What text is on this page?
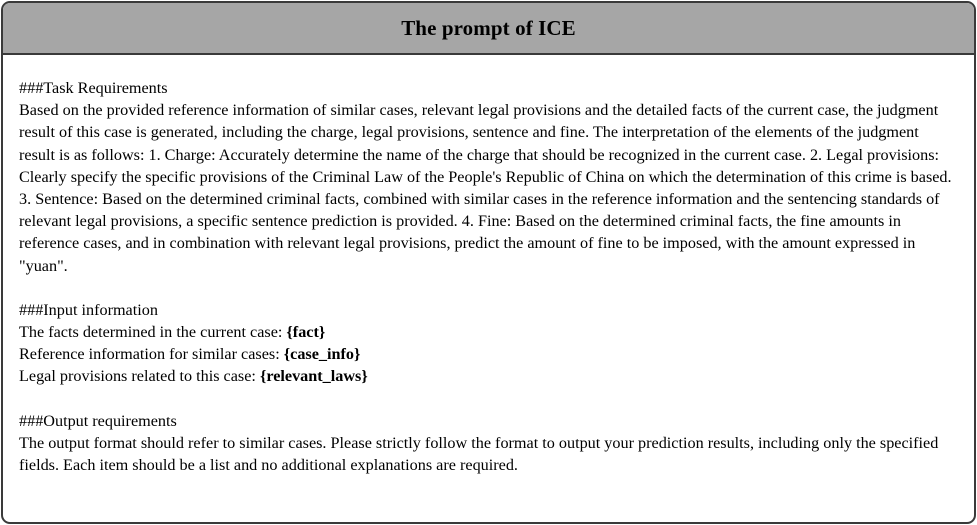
The prompt of ICE

###Task Requirements

Based on the provided reference information of similar cases, relevant legal provisions and the detailed facts of the current case, the judgment result of this case is generated, including the charge, legal provisions, sentence and fine. The interpretation of the elements of the judgment result is as follows: 1. Charge: Accurately determine the name of the charge that should be recognized in the current case. 2. Legal provisions: Clearly specify the specific provisions of the Criminal Law of the People's Republic of China on which the determination of this crime is based. 3. Sentence: Based on the determined criminal facts, combined with similar cases in the reference information and the sentencing standards of relevant legal provisions, a specific sentence prediction is provided. 4. Fine: Based on the determined criminal facts, the fine amounts in reference cases, and in combination with relevant legal provisions, predict the amount of fine to be imposed, with the amount expressed in "yuan".

###Input information

The facts determined in the current case: {fact}

Reference information for similar cases: {case_info}

Legal provisions related to this case: {relevant_laws}

###Output requirements

The output format should refer to similar cases. Please strictly follow the format to output your prediction results, including only the specified fields. Each item should be a list and no additional explanations are required.
